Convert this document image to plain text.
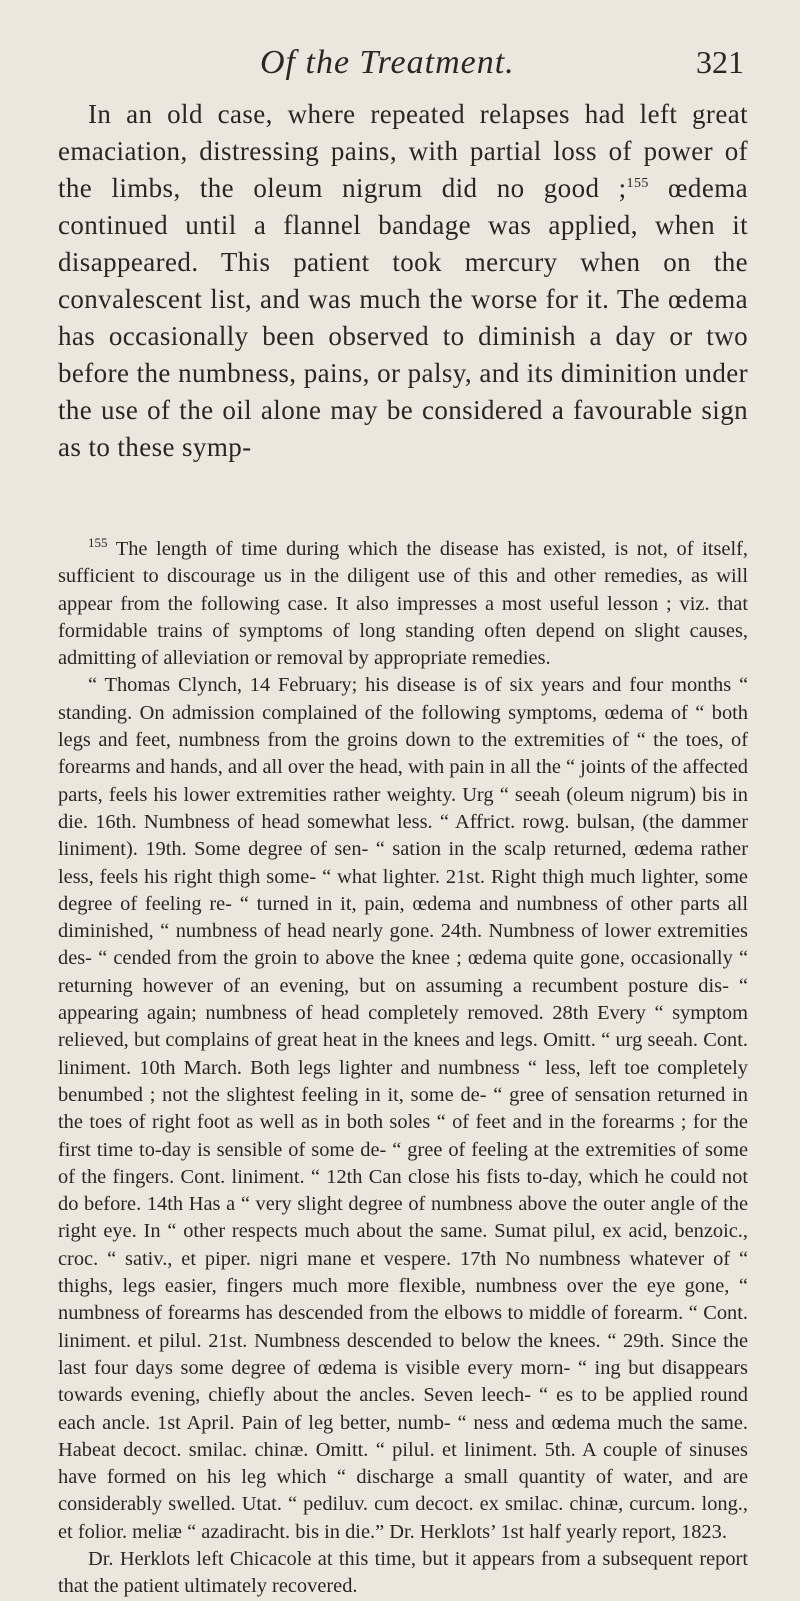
Of the Treatment.	321

In an old case, where repeated relapses had left great emaciation, distressing pains, with partial loss of power of the limbs, the oleum nigrum did no good ;$^{155}$ œdema continued until a flannel bandage was applied, when it disappeared. This patient took mercury when on the convalescent list, and was much the worse for it. The œdema has occasionally been observed to diminish a day or two before the numbness, pains, or palsy, and its diminition under the use of the oil alone may be considered a favourable sign as to these symp-

$^{155}$ The length of time during which the disease has existed, is not, of itself, sufficient to discourage us in the diligent use of this and other remedies, as will appear from the following case. It also impresses a most useful lesson ; viz. that formidable trains of symptoms of long standing often depend on slight causes, admitting of alleviation or removal by appropriate remedies.

“ Thomas Clynch, 14 February; his disease is of six years and four months “ standing. On admission complained of the following symptoms, œdema of “ both legs and feet, numbness from the groins down to the extremities of “ the toes, of forearms and hands, and all over the head, with pain in all the “ joints of the affected parts, feels his lower extremities rather weighty. Urg “ seeah (oleum nigrum) bis in die. 16th. Numbness of head somewhat less. “ Affrict. rowg. bulsan, (the dammer liniment). 19th. Some degree of sen- “ sation in the scalp returned, œdema rather less, feels his right thigh some- “ what lighter. 21st. Right thigh much lighter, some degree of feeling re- “ turned in it, pain, œdema and numbness of other parts all diminished, “ numbness of head nearly gone. 24th. Numbness of lower extremities des- “ cended from the groin to above the knee ; œdema quite gone, occasionally “ returning however of an evening, but on assuming a recumbent posture dis- “ appearing again; numbness of head completely removed. 28th Every “ symptom relieved, but complains of great heat in the knees and legs. Omitt. “ urg seeah. Cont. liniment. 10th March. Both legs lighter and numbness “ less, left toe completely benumbed ; not the slightest feeling in it, some de- “ gree of sensation returned in the toes of right foot as well as in both soles “ of feet and in the forearms ; for the first time to-day is sensible of some de- “ gree of feeling at the extremities of some of the fingers. Cont. liniment. “ 12th Can close his fists to-day, which he could not do before. 14th Has a “ very slight degree of numbness above the outer angle of the right eye. In “ other respects much about the same. Sumat pilul, ex acid, benzoic., croc. “ sativ., et piper. nigri mane et vespere. 17th No numbness whatever of “ thighs, legs easier, fingers much more flexible, numbness over the eye gone, “ numbness of forearms has descended from the elbows to middle of forearm. “ Cont. liniment. et pilul. 21st. Numbness descended to below the knees. “ 29th. Since the last four days some degree of œdema is visible every morn- “ ing but disappears towards evening, chiefly about the ancles. Seven leech- “ es to be applied round each ancle. 1st April. Pain of leg better, numb- “ ness and œdema much the same. Habeat decoct. smilac. chinæ. Omitt. “ pilul. et liniment. 5th. A couple of sinuses have formed on his leg which “ discharge a small quantity of water, and are considerably swelled. Utat. “ pediluv. cum decoct. ex smilac. chinæ, curcum. long., et folior. meliæ “ azadiracht. bis in die.” Dr. Herklots’ 1st half yearly report, 1823.

Dr. Herklots left Chicacole at this time, but it appears from a subsequent report that the patient ultimately recovered.
